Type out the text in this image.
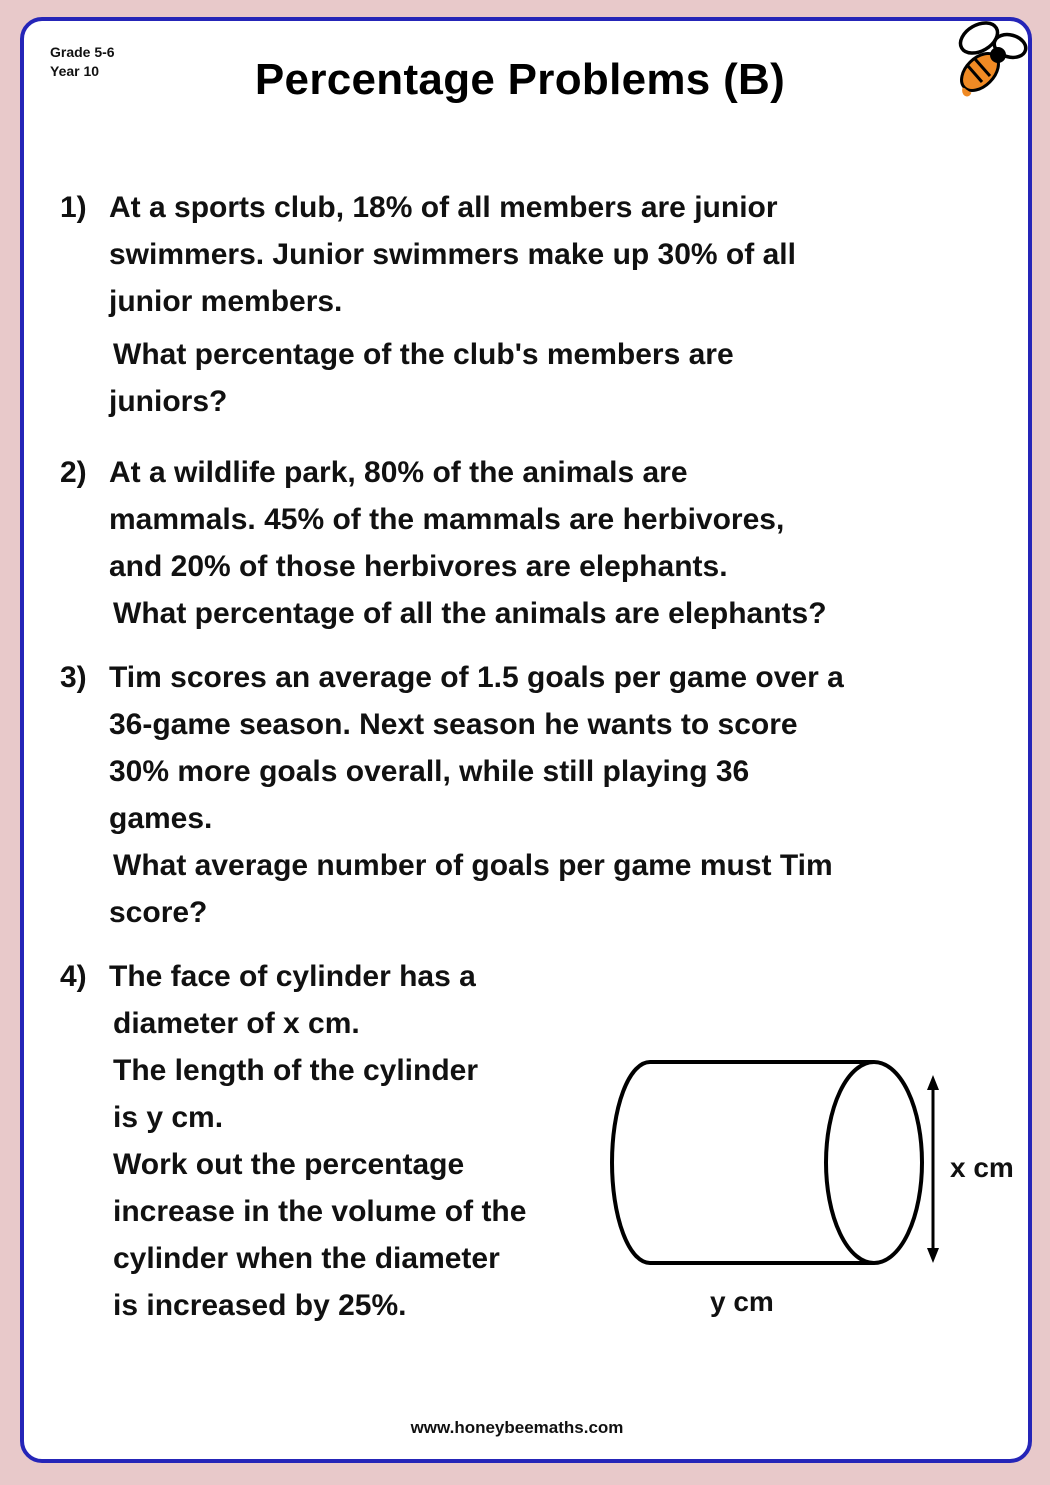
Grade 5-6
Year 10	Percentage Problems (B)
1) At a sports club, 18% of all members are junior
swimmers. Junior swimmers make up 30% of all
junior members.
What percentage of the club's members are
juniors?
2) At a wildlife park, 80% of the animals are
mammals. 45% of the mammals are herbivores,
and 20% of those herbivores are elephants.
What percentage of all the animals are elephants?
3) Tim scores an average of 1.5 goals per game over a
36-game season. Next season he wants to score
30% more goals overall, while still playing 36
games.
What average number of goals per game must Tim
score?
4) The face of cylinder has a
diameter of x cm.
The length of the cylinder
is y cm.
Work out the percentage
increase in the volume of the
cylinder when the diameter
is increased by 25%.
x cm
y cm
www.honeybeemaths.com
